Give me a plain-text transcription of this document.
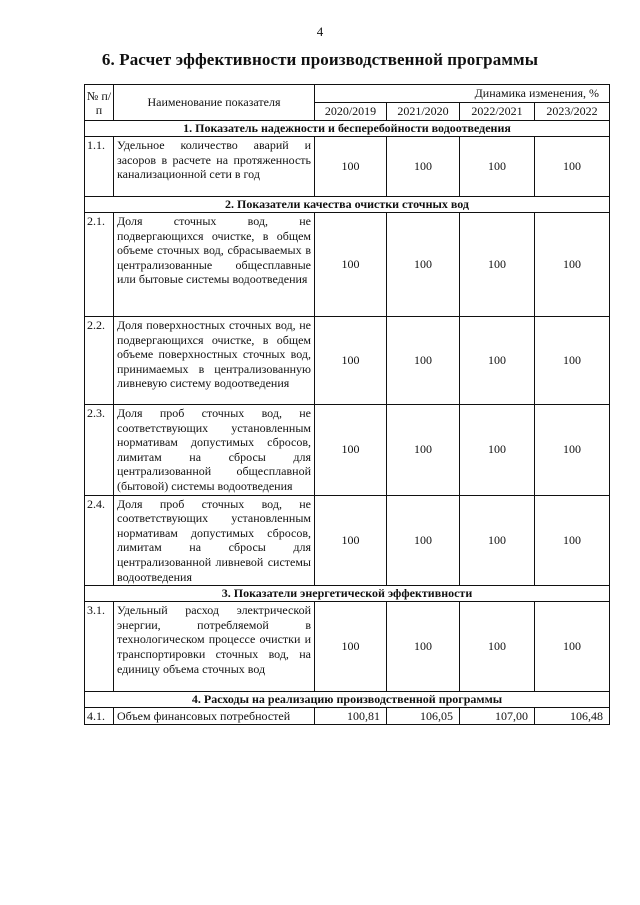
4
6. Расчет эффективности производственной программы
№ п/п	Наименование показателя	Динамика изменения, %			
		2020/2019	2021/2020	2022/2021	2023/2022
1. Показатель надежности и бесперебойности водоотведения					
1.1.	Удельное количество аварий и засоров в расчете на протяженность канализационной сети в год	100	100	100	100
2. Показатели качества очистки сточных вод					
2.1.	Доля сточных вод, не подвергающихся очистке, в общем объеме сточных вод, сбрасываемых в централизованные общесплавные или бытовые системы водоотведения	100	100	100	100
2.2.	Доля поверхностных сточных вод, не подвергающихся очистке, в общем объеме поверхностных сточных вод, принимаемых в централизованную ливневую систему водоотведения	100	100	100	100
2.3.	Доля проб сточных вод, не соответствующих установленным нормативам допустимых сбросов, лимитам на сбросы для централизованной общесплавной (бытовой) системы водоотведения	100	100	100	100
2.4.	Доля проб сточных вод, не соответствующих установленным нормативам допустимых сбросов, лимитам на сбросы для централизованной ливневой системы водоотведения	100	100	100	100
3. Показатели энергетической эффективности					
3.1.	Удельный расход электрической энергии, потребляемой в технологическом процессе очистки и транспортировки сточных вод, на единицу объема сточных вод	100	100	100	100
4. Расходы на реализацию производственной программы					
4.1.	Объем финансовых потребностей	100,81	106,05	107,00	106,48
